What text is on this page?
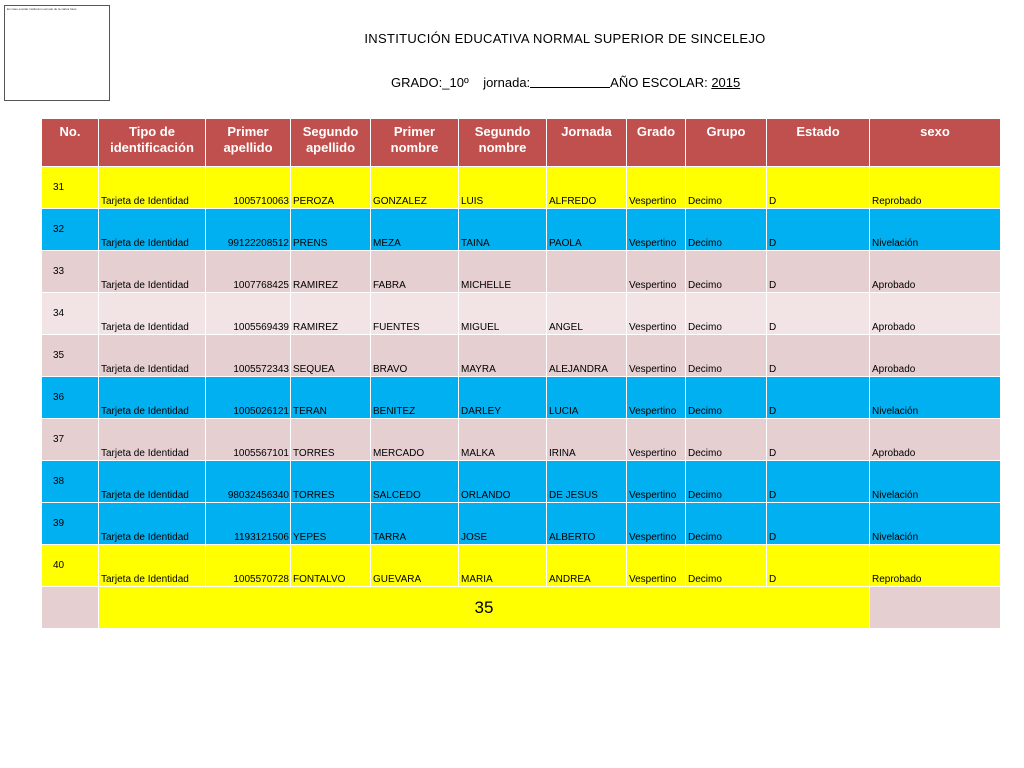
En caso escolar institucion escudo de la nativa fotos
INSTITUCIÓN EDUCATIVA NORMAL SUPERIOR DE SINCELEJO
GRADO:_10º jornada:	AÑO ESCOLAR: 2015
No.	Tipo de identificación	Primer apellido	Segundo apellido	Primer nombre	Segundo nombre	Jornada	Grado	Grupo	Estado	sexo
31	Tarjeta de Identidad	1005710063	PEROZA	GONZALEZ	LUIS	ALFREDO	Vespertino	Decimo	D	Reprobado
32	Tarjeta de Identidad	99122208512	PRENS	MEZA	TAINA	PAOLA	Vespertino	Decimo	D	Nivelación
33	Tarjeta de Identidad	1007768425	RAMIREZ	FABRA	MICHELLE		Vespertino	Decimo	D	Aprobado
34	Tarjeta de Identidad	1005569439	RAMIREZ	FUENTES	MIGUEL	ANGEL	Vespertino	Decimo	D	Aprobado
35	Tarjeta de Identidad	1005572343	SEQUEA	BRAVO	MAYRA	ALEJANDRA	Vespertino	Decimo	D	Aprobado
36	Tarjeta de Identidad	1005026121	TERAN	BENITEZ	DARLEY	LUCIA	Vespertino	Decimo	D	Nivelación
37	Tarjeta de Identidad	1005567101	TORRES	MERCADO	MALKA	IRINA	Vespertino	Decimo	D	Aprobado
38	Tarjeta de Identidad	98032456340	TORRES	SALCEDO	ORLANDO	DE JESUS	Vespertino	Decimo	D	Nivelación
39	Tarjeta de Identidad	1193121506	YEPES	TARRA	JOSE	ALBERTO	Vespertino	Decimo	D	Nivelación
40	Tarjeta de Identidad	1005570728	FONTALVO	GUEVARA	MARIA	ANDREA	Vespertino	Decimo	D	Reprobado
	35									
